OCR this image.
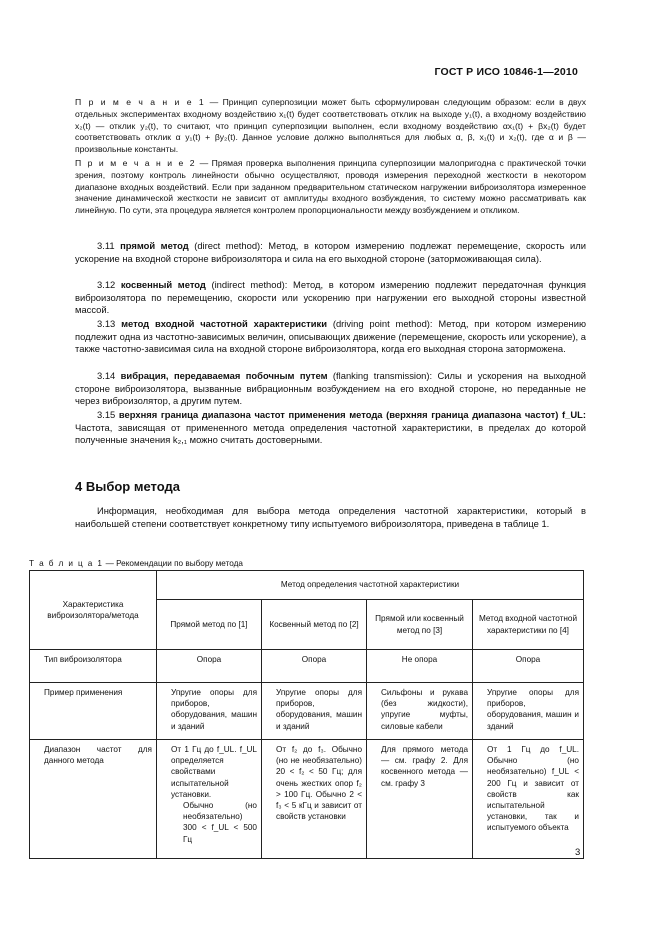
ГОСТ Р ИСО 10846-1—2010
П р и м е ч а н и е 1 — Принцип суперпозиции может быть сформулирован следующим образом: если в двух отдельных экспериментах входному воздействию x₁(t) будет соответствовать отклик на выходе y₁(t), а входному воздействию x₂(t) — отклик y₂(t), то считают, что принцип суперпозиции выполнен, если входному воздействию αx₁(t) + βx₂(t) будет соответствовать отклик α y₁(t) + βy₂(t). Данное условие должно выполняться для любых α, β, x₁(t) и x₂(t), где α и β — произвольные константы.
П р и м е ч а н и е 2 — Прямая проверка выполнения принципа суперпозиции малопригодна с практической точки зрения, поэтому контроль линейности обычно осуществляют, проводя измерения переходной жесткости в некотором диапазоне входных воздействий. Если при заданном предварительном статическом нагружении виброизолятора измеренное значение динамической жесткости не зависит от амплитуды входного возбуждения, то систему можно рассматривать как линейную. По сути, эта процедура является контролем пропорциональности между возбуждением и откликом.
3.11 прямой метод (direct method): Метод, в котором измерению подлежат перемещение, скорость или ускорение на входной стороне виброизолятора и сила на его выходной стороне (заторможивающая сила).
3.12 косвенный метод (indirect method): Метод, в котором измерению подлежит передаточная функция виброизолятора по перемещению, скорости или ускорению при нагружении его выходной стороны известной массой.
3.13 метод входной частотной характеристики (driving point method): Метод, при котором измерению подлежит одна из частотно-зависимых величин, описывающих движение (перемещение, скорость или ускорение), а также частотно-зависимая сила на входной стороне виброизолятора, когда его выходная сторона заторможена.
3.14 вибрация, передаваемая побочным путем (flanking transmission): Силы и ускорения на выходной стороне виброизолятора, вызванные вибрационным возбуждением на его входной стороне, но переданные не через виброизолятор, а другим путем.
3.15 верхняя граница диапазона частот применения метода (верхняя граница диапазона частот) f_UL: Частота, зависящая от примененного метода определения частотной характеристики, в пределах до которой полученные значения k₂,₁ можно считать достоверными.
4 Выбор метода
Информация, необходимая для выбора метода определения частотной характеристики, который в наибольшей степени соответствует конкретному типу испытуемого виброизолятора, приведена в таблице 1.
Т а б л и ц а 1 — Рекомендации по выбору метода
Характеристика виброизолятора/метода	Метод определения частотной характеристики			
	Прямой метод по [1]	Косвенный метод по [2]	Прямой или косвенный метод по [3]	Метод входной частотной характеристики по [4]
Тип виброизолятора	Опора	Опора	Не опора	Опора
Пример применения	Упругие опоры для приборов, оборудования, машин и зданий	Упругие опоры для приборов, оборудования, машин и зданий	Сильфоны и рукава (без жидкости), упругие муфты, силовые кабели	Упругие опоры для приборов, оборудования, машин и зданий
Диапазон частот для данного метода	От 1 Гц до f_UL. f_UL определяется свойствами испытательной установки.
Обычно (но необязательно) 300 < f_UL < 500 Гц	От f₂ до f₃. Обычно (но не необязательно) 20 < f₂ < 50 Гц; для очень жестких опор f₂ > 100 Гц. Обычно 2 < f₃ < 5 кГц и зависит от свойств установки	Для прямого метода — см. графу 2. Для косвенного метода — см. графу 3	От 1 Гц до f_UL. Обычно (но необязательно) f_UL < 200 Гц и зависит от свойств как испытательной установки, так и испытуемого объекта
3
